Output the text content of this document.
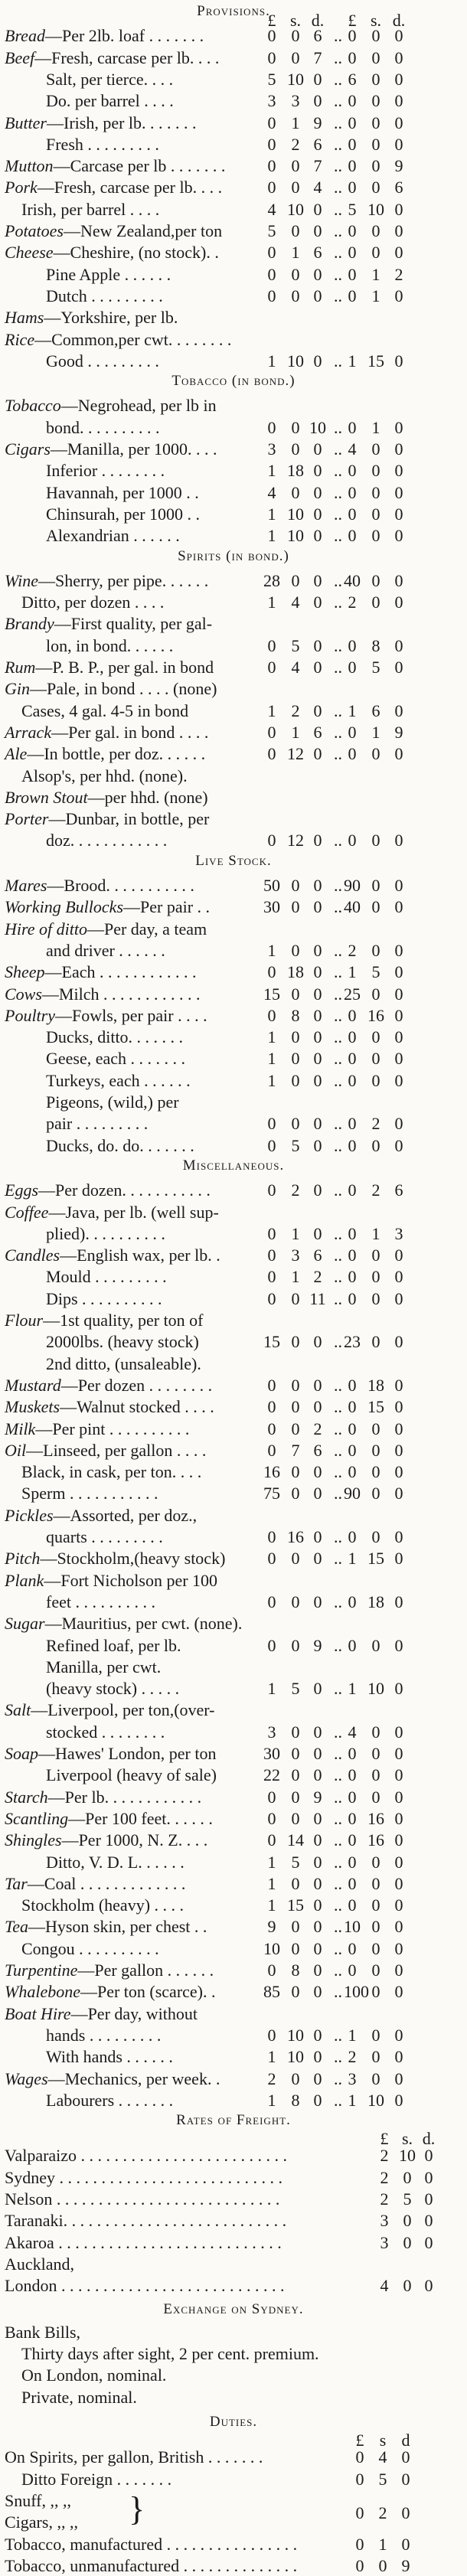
£ s. d. £ s. d.
Provisions.
Bread—Per 2lb. loaf . . . . . . .	0 0 6 .. 0 0 0
Beef—Fresh, carcase per lb. . . .	0 0 7 .. 0 0 0
Salt, per tierce. . . .	5 10 0 .. 6 0 0
Do. per barrel . . . .	3 3 0 .. 0 0 0
Butter—Irish, per lb. . . . . . .	0 1 9 .. 0 0 0
Fresh . . . . . . . . .	0 2 6 .. 0 0 0
Mutton—Carcase per lb . . . . . . .	0 0 7 .. 0 0 9
Pork—Fresh, carcase per lb. . . .	0 0 4 .. 0 0 6
Irish, per barrel . . . .	4 10 0 .. 5 10 0
Potatoes—New Zealand,per ton	5 0 0 .. 0 0 0
Cheese—Cheshire, (no stock). .	0 1 6 .. 0 0 0
Pine Apple . . . . . .	0 0 0 .. 0 1 2
Dutch . . . . . . . . .	0 0 0 .. 0 1 0
Hams—Yorkshire, per lb.
Rice—Common,per cwt. . . . . . . .
Good . . . . . . . . .	1 10 0 .. 1 15 0
Tobacco (in bond.)
Tobacco—Negrohead, per lb in
bond. . . . . . . . . .	0 0 10 .. 0 1 0
Cigars—Manilla, per 1000. . . .	3 0 0 .. 4 0 0
Inferior . . . . . . . .	1 18 0 .. 0 0 0
Havannah, per 1000 . .	4 0 0 .. 0 0 0
Chinsurah, per 1000 . .	1 10 0 .. 0 0 0
Alexandrian . . . . . .	1 10 0 .. 0 0 0
Spirits (in bond.)
Wine—Sherry, per pipe. . . . . .	28 0 0 .. 40 0 0
Ditto, per dozen . . . .	1 4 0 .. 2 0 0
Brandy—First quality, per gal-
lon, in bond. . . . . .	0 5 0 .. 0 8 0
Rum—P. B. P., per gal. in bond	0 4 0 .. 0 5 0
Gin—Pale, in bond . . . . (none)
Cases, 4 gal. 4-5 in bond	1 2 0 .. 1 6 0
Arrack—Per gal. in bond . . . .	0 1 6 .. 0 1 9
Ale—In bottle, per doz. . . . . .	0 12 0 .. 0 0 0
Alsop's, per hhd. (none).
Brown Stout—per hhd. (none)
Porter—Dunbar, in bottle, per
doz. . . . . . . . . . . .	0 12 0 .. 0 0 0
Live Stock.
Mares—Brood. . . . . . . . . . .	50 0 0 .. 90 0 0
Working Bullocks—Per pair . .	30 0 0 .. 40 0 0
Hire of ditto—Per day, a team
and driver . . . . . .	1 0 0 .. 2 0 0
Sheep—Each . . . . . . . . . . . .	0 18 0 .. 1 5 0
Cows—Milch . . . . . . . . . . . .	15 0 0 .. 25 0 0
Poultry—Fowls, per pair . . . .	0 8 0 .. 0 16 0
Ducks, ditto. . . . . . .	1 0 0 .. 0 0 0
Geese, each . . . . . . .	1 0 0 .. 0 0 0
Turkeys, each . . . . . .	1 0 0 .. 0 0 0
Pigeons, (wild,) per
pair . . . . . . . . .	0 0 0 .. 0 2 0
Ducks, do. do. . . . . . .	0 5 0 .. 0 0 0
Miscellaneous.
Eggs—Per dozen. . . . . . . . . . .	0 2 0 .. 0 2 6
Coffee—Java, per lb. (well sup-
plied). . . . . . . . . .	0 1 0 .. 0 1 3
Candles—English wax, per lb. .	0 3 6 .. 0 0 0
Mould . . . . . . . . .	0 1 2 .. 0 0 0
Dips . . . . . . . . . .	0 0 11 .. 0 0 0
Flour—1st quality, per ton of
2000lbs. (heavy stock)	15 0 0 .. 23 0 0
2nd ditto, (unsaleable).
Mustard—Per dozen . . . . . . . .	0 0 0 .. 0 18 0
Muskets—Walnut stocked . . . .	0 0 0 .. 0 15 0
Milk—Per pint . . . . . . . . . .	0 0 2 .. 0 0 0
Oil—Linseed, per gallon . . . .	0 7 6 .. 0 0 0
Black, in cask, per ton. . . .	16 0 0 .. 0 0 0
Sperm . . . . . . . . . . .	75 0 0 .. 90 0 0
Pickles—Assorted, per doz.,
quarts . . . . . . . . .	0 16 0 .. 0 0 0
Pitch—Stockholm,(heavy stock)	0 0 0 .. 1 15 0
Plank—Fort Nicholson per 100
feet . . . . . . . . . .	0 0 0 .. 0 18 0
Sugar—Mauritius, per cwt. (none).
Refined loaf, per lb.	0 0 9 .. 0 0 0
Manilla, per cwt.
(heavy stock) . . . . .	1 5 0 .. 1 10 0
Salt—Liverpool, per ton,(over-
stocked . . . . . . . .	3 0 0 .. 4 0 0
Soap—Hawes' London, per ton	30 0 0 .. 0 0 0
Liverpool (heavy of sale)	22 0 0 .. 0 0 0
Starch—Per lb. . . . . . . . . . . .	0 0 9 .. 0 0 0
Scantling—Per 100 feet. . . . . .	0 0 0 .. 0 16 0
Shingles—Per 1000, N. Z. . . .	0 14 0 .. 0 16 0
Ditto, V. D. L. . . . . .	1 5 0 .. 0 0 0
Tar—Coal . . . . . . . . . . . . .	1 0 0 .. 0 0 0
Stockholm (heavy) . . . .	1 15 0 .. 0 0 0
Tea—Hyson skin, per chest . .	9 0 0 .. 10 0 0
Congou . . . . . . . . . .	10 0 0 .. 0 0 0
Turpentine—Per gallon . . . . . .	0 8 0 .. 0 0 0
Whalebone—Per ton (scarce). .	85 0 0 .. 100 0 0
Boat Hire—Per day, without
hands . . . . . . . . .	0 10 0 .. 1 0 0
With hands . . . . . .	1 10 0 .. 2 0 0
Wages—Mechanics, per week. .	2 0 0 .. 3 0 0
Labourers . . . . . . .	1 8 0 .. 1 10 0
Rates of Freight.
£ s. d.
Valparaizo . . . . . . . . . . . . . . . . . . . . . . . . .	2 10 0
Sydney . . . . . . . . . . . . . . . . . . . . . . . . . . .	2 0 0
Nelson . . . . . . . . . . . . . . . . . . . . . . . . . . .	2 5 0
Taranaki. . . . . . . . . . . . . . . . . . . . . . . . . . .	3 0 0
Akaroa . . . . . . . . . . . . . . . . . . . . . . . . . . .	3 0 0
Auckland,
London . . . . . . . . . . . . . . . . . . . . . . . . . . .	4 0 0
Exchange on Sydney.
Bank Bills,
Thirty days after sight, 2 per cent. premium.
On London, nominal.
Private, nominal.
Duties.
£ s d
On Spirits, per gallon, British . . . . . . .	0 4 0
Ditto Foreign . . . . . . .	0 5 0
Snuff, ,, ,,
Cigars, ,, ,, }	0 2 0
Tobacco, manufactured . . . . . . . . . . . . . . . .	0 1 0
Tobacco, unmanufactured . . . . . . . . . . . . . .	0 0 9
